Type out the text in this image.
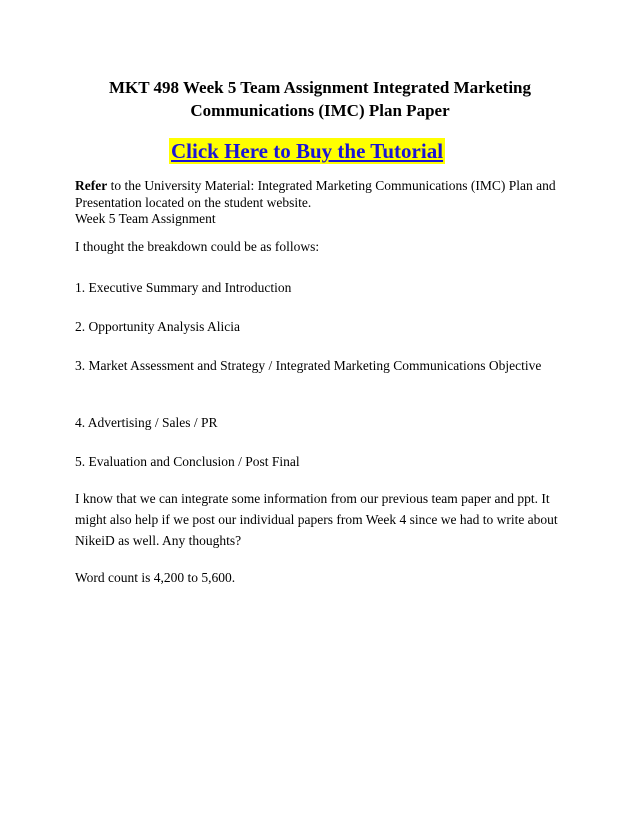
MKT 498 Week 5 Team Assignment Integrated Marketing Communications (IMC) Plan Paper
Click Here to Buy the Tutorial

Refer to the University Material: Integrated Marketing Communications (IMC) Plan and Presentation located on the student website.
Week 5 Team Assignment

I thought the breakdown could be as follows:

1. Executive Summary and Introduction

2. Opportunity Analysis Alicia

3. Market Assessment and Strategy / Integrated Marketing Communications Objective

4. Advertising / Sales / PR

5. Evaluation and Conclusion / Post Final

I know that we can integrate some information from our previous team paper and ppt. It might also help if we post our individual papers from Week 4 since we had to write about NikeiD as well. Any thoughts?

Word count is 4,200 to 5,600.
